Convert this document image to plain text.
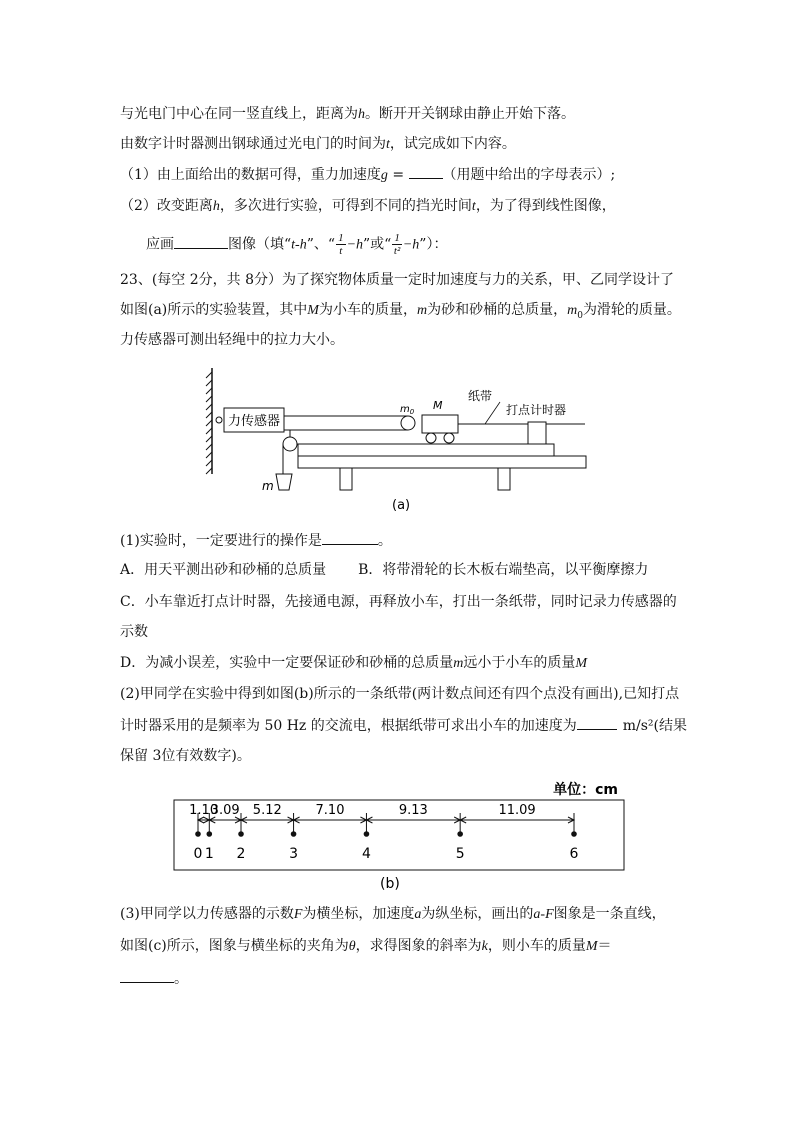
与光电门中心在同一竖直线上，距离为h。断开开关钢球由静止开始下落。
由数字计时器测出钢球通过光电门的时间为t，试完成如下内容。
（1）由上面给出的数据可得，重力加速度g = （用题中给出的字母表示）;
（2）改变距离h，多次进行实验，可得到不同的挡光时间t，为了得到线性图像，
应画	图像（填“t-h”、“ $\frac{1}{t} -h$”或“ $\frac{1}{\text{t²}}$ −h”）：
23、(每空 2分，共 8分）为了探究物体质量一定时加速度与力的关系，甲、乙同学设计了
如图(a)所示的实验装置，其中M为小车的质量，m为砂和砂桶的总质量，$m_0$为滑轮的质量。
力传感器可测出轻绳中的拉力大小。
力传感器
$m_0$ M
纸带
打点计时器
m
(a)
(1)实验时，一定要进行的操作是	。
A．用天平测出砂和砂桶的总质量 B．将带滑轮的长木板右端垫高，以平衡摩擦力
C．小车靠近打点计时器，先接通电源，再释放小车，打出一条纸带，同时记录力传感器的
示数
D．为减小误差，实验中一定要保证砂和砂桶的总质量m远小于小车的质量M
(2)甲同学在实验中得到如图(b)所示的一条纸带(两计数点间还有四个点没有画出),已知打点
计时器采用的是频率为 50 Hz 的交流电，根据纸带可求出小车的加速度为	m/s²(结果
保留 3位有效数字)。
单位：cm
0 1 2	3	4	5	6
1.10
3.09 5.12	7.10	9.13	11.09
(b)
(3)甲同学以力传感器的示数F为横坐标，加速度a为纵坐标，画出的a-F图象是一条直线，
如图(c)所示，图象与横坐标的夹角为θ，求得图象的斜率为k，则小车的质量M＝
。
